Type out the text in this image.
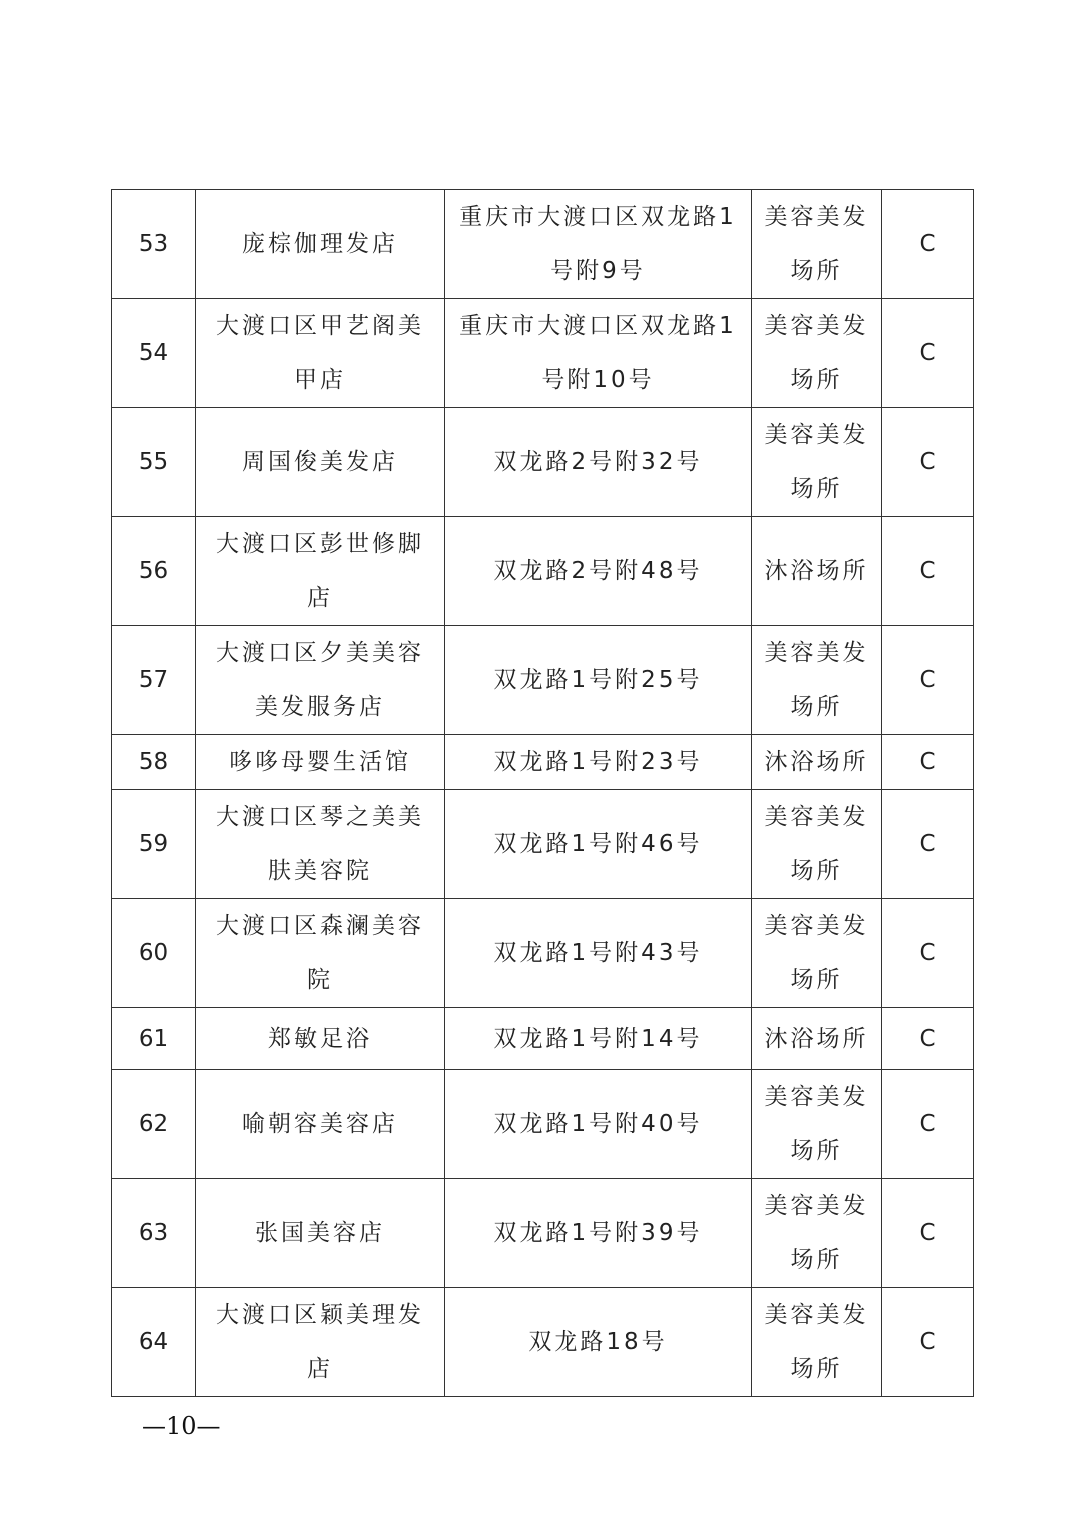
53	庞棕伽理发店	重庆市大渡口区双龙路1号附9号	美容美发场所	C
54	大渡口区甲艺阁美甲店	重庆市大渡口区双龙路1号附10号	美容美发场所	C
55	周国俊美发店	双龙路2号附32号	美容美发场所	C
56	大渡口区彭世修脚店	双龙路2号附48号	沐浴场所	C
57	大渡口区夕美美容美发服务店	双龙路1号附25号	美容美发场所	C
58	哆哆母婴生活馆	双龙路1号附23号	沐浴场所	C
59	大渡口区琴之美美肤美容院	双龙路1号附46号	美容美发场所	C
60	大渡口区森澜美容院	双龙路1号附43号	美容美发场所	C
61	郑敏足浴	双龙路1号附14号	沐浴场所	C
62	喻朝容美容店	双龙路1号附40号	美容美发场所	C
63	张国美容店	双龙路1号附39号	美容美发场所	C
64	大渡口区颖美理发店	双龙路18号	美容美发场所	C
—10—
